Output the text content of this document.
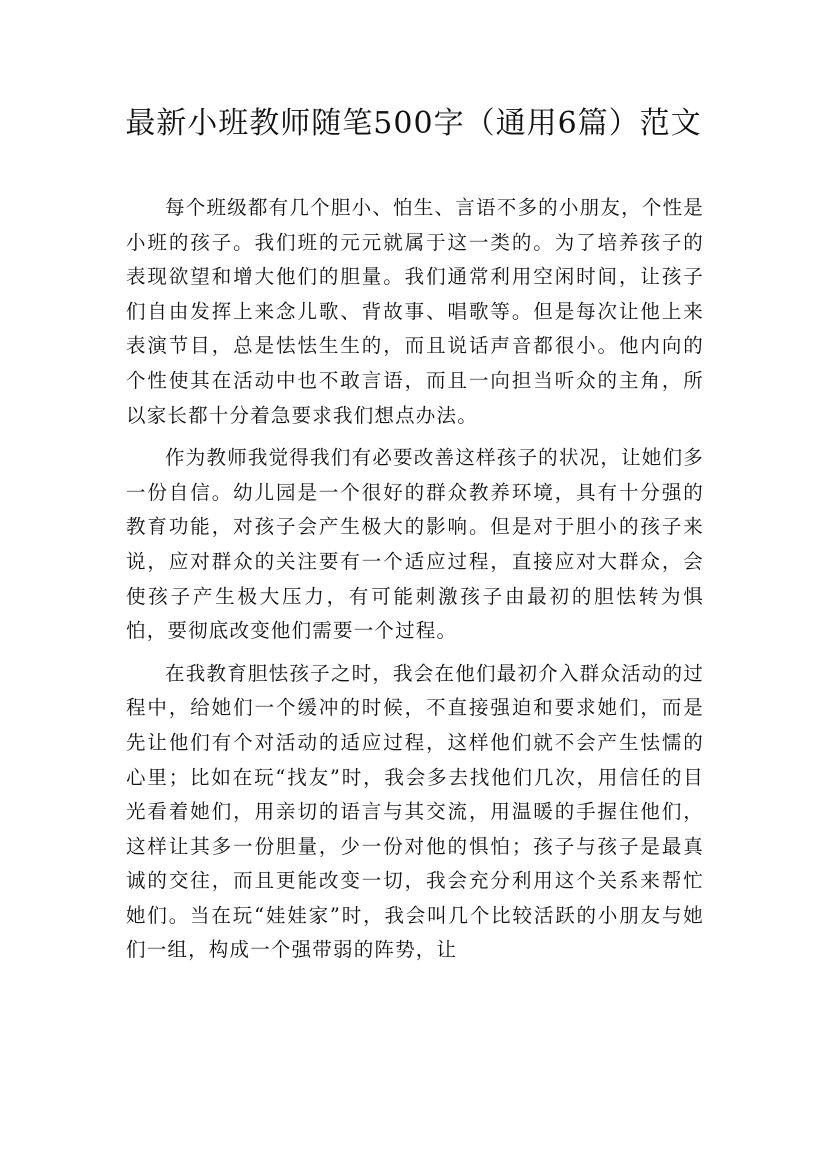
最新小班教师随笔500字（通用6篇）范文

每个班级都有几个胆小、怕生、言语不多的小朋友，个性是小班的孩子。我们班的元元就属于这一类的。为了培养孩子的表现欲望和增大他们的胆量。我们通常利用空闲时间，让孩子们自由发挥上来念儿歌、背故事、唱歌等。但是每次让他上来表演节目，总是怯怯生生的，而且说话声音都很小。他内向的个性使其在活动中也不敢言语，而且一向担当听众的主角，所以家长都十分着急要求我们想点办法。

作为教师我觉得我们有必要改善这样孩子的状况，让她们多一份自信。幼儿园是一个很好的群众教养环境，具有十分强的教育功能，对孩子会产生极大的影响。但是对于胆小的孩子来说，应对群众的关注要有一个适应过程，直接应对大群众，会使孩子产生极大压力，有可能刺激孩子由最初的胆怯转为惧怕，要彻底改变他们需要一个过程。

在我教育胆怯孩子之时，我会在他们最初介入群众活动的过程中，给她们一个缓冲的时候，不直接强迫和要求她们，而是先让他们有个对活动的适应过程，这样他们就不会产生怯懦的心里；比如在玩“找友”时，我会多去找他们几次，用信任的目光看着她们，用亲切的语言与其交流，用温暖的手握住他们，这样让其多一份胆量，少一份对他的惧怕；孩子与孩子是最真诚的交往，而且更能改变一切，我会充分利用这个关系来帮忙她们。当在玩“娃娃家”时，我会叫几个比较活跃的小朋友与她们一组，构成一个强带弱的阵势，让
